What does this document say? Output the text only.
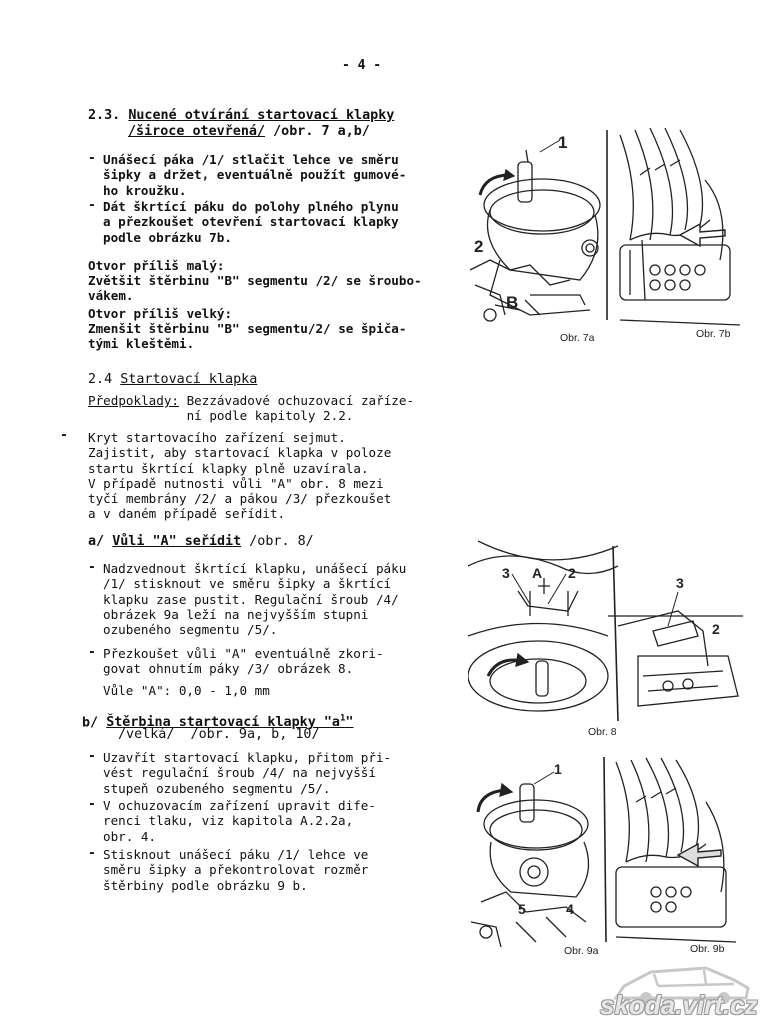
- 4 -
2.3. Nucené otvírání startovací klapky
/široce otevřená/ /obr. 7 a,b/
- Unášecí páka /1/ stlačit lehce ve směru
šipky a držet, eventuálně použít gumové-
ho kroužku.
- Dát škrtící páku do polohy plného plynu
a přezkoušet otevření startovací klapky
podle obrázku 7b.
Otvor příliš malý:
Zvětšit štěrbinu "B" segmentu /2/ se šroubo-
vákem.
Otvor příliš velký:
Zmenšit štěrbinu "B" segmentu/2/ se špiča-
tými kleštěmi.
1
2
B
Obr. 7a	Obr. 7b
2.4 Startovací klapka
Předpoklady: Bezzávadové ochuzovací zaříze-
ní podle kapitoly 2.2.
- Kryt startovacího zařízení sejmut.
Zajistit, aby startovací klapka v poloze
startu škrtící klapky plně uzavírala.
V případě nutnosti vůli "A" obr. 8 mezi
tyčí membrány /2/ a pákou /3/ přezkoušet
a v daném případě seřídit.
a/ Vůli "A" seřídit /obr. 8/
- Nadzvednout škrtící klapku, unášecí páku
/1/ stisknout ve směru šipky a škrtící
klapku zase pustit. Regulační šroub /4/
obrázek 9a leží na nejvyšším stupni
ozubeného segmentu /5/.
- Přezkoušet vůli "A" eventuálně zkori-
govat ohnutím páky /3/ obrázek 8.
Vůle "A": 0,0 - 1,0 mm
3 A 2
3
2
Obr. 8
b/ Štěrbina startovací klapky "$a^1$"
/velká/  /obr. 9a, b, 10/
- Uzavřít startovací klapku, přitom při-
vést regulační šroub /4/ na nejvyšší
stupeň ozubeného segmentu /5/.
- V ochuzovacím zařízení upravit dife-
renci tlaku, viz kapitola A.2.2a,
obr. 4.
- Stisknout unášecí páku /1/ lehce ve
směru šipky a překontrolovat rozměr
štěrbiny podle obrázku 9 b.
1
5	4
Obr. 9a	Obr. 9b
skoda.virt.cz
